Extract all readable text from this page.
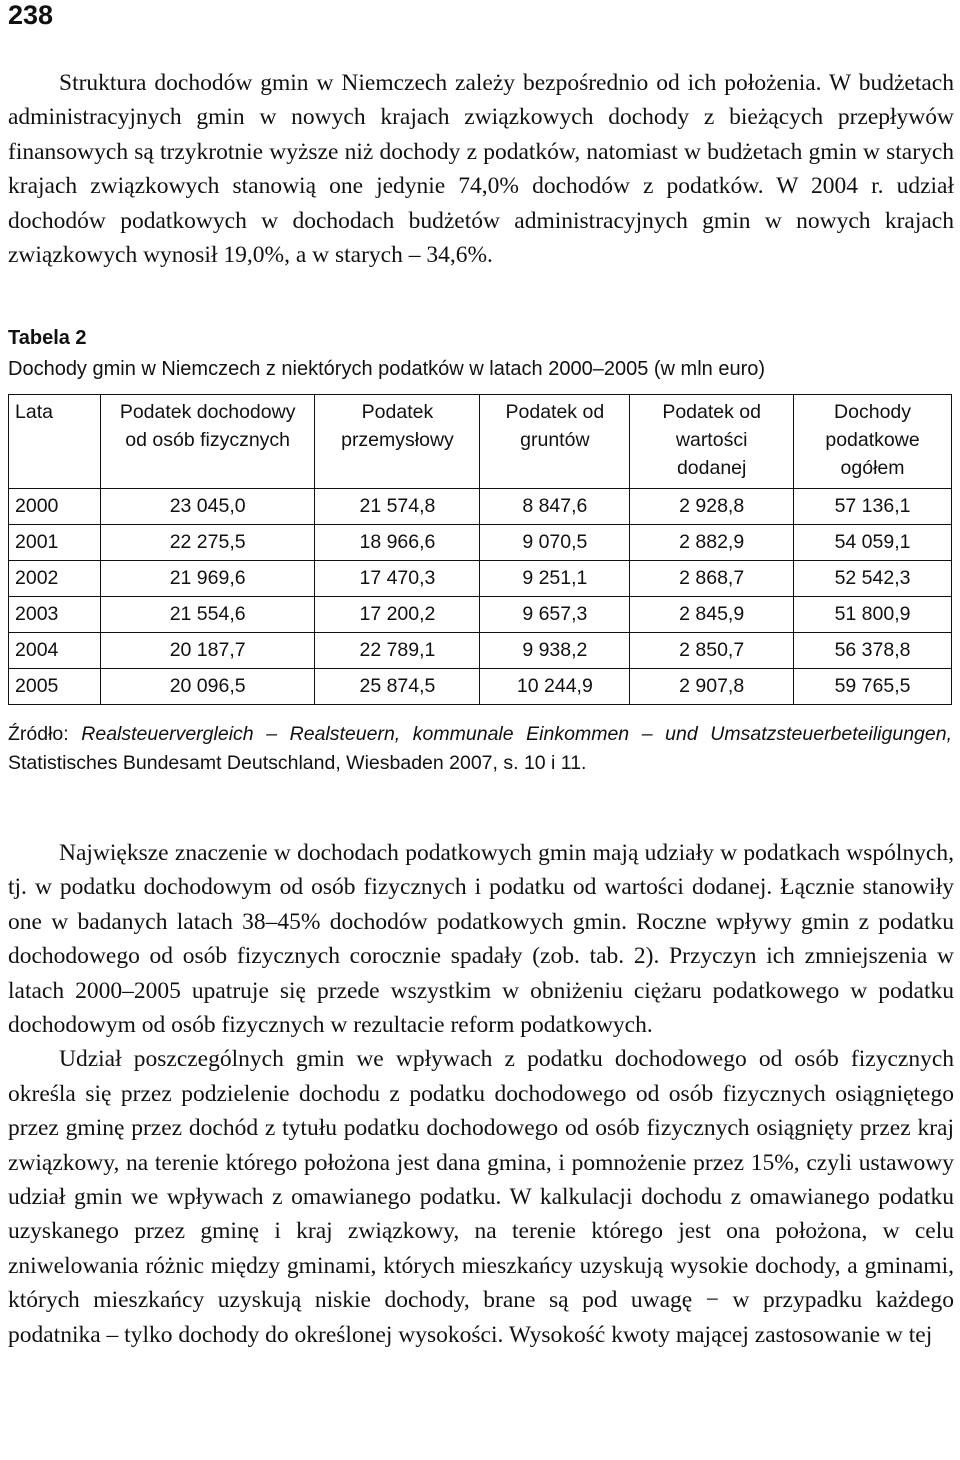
238

Struktura dochodów gmin w Niemczech zależy bezpośrednio od ich położenia. W budżetach administracyjnych gmin w nowych krajach związkowych dochody z bieżących przepływów finansowych są trzykrotnie wyższe niż dochody z podatków, natomiast w budżetach gmin w starych krajach związkowych stanowią one jedynie 74,0% dochodów z podatków. W 2004 r. udział dochodów podatkowych w dochodach budżetów administracyjnych gmin w nowych krajach związkowych wynosił 19,0%, a w starych – 34,6%.

Tabela 2
Dochody gmin w Niemczech z niektórych podatków w latach 2000–2005 (w mln euro)
Lata	Podatek dochodowy od osób fizycznych	Podatek przemysłowy	Podatek od gruntów	Podatek od wartości dodanej	Dochody podatkowe ogółem
2000	23 045,0	21 574,8	8 847,6	2 928,8	57 136,1
2001	22 275,5	18 966,6	9 070,5	2 882,9	54 059,1
2002	21 969,6	17 470,3	9 251,1	2 868,7	52 542,3
2003	21 554,6	17 200,2	9 657,3	2 845,9	51 800,9
2004	20 187,7	22 789,1	9 938,2	2 850,7	56 378,8
2005	20 096,5	25 874,5	10 244,9	2 907,8	59 765,5
Źródło: Realsteuervergleich – Realsteuern, kommunale Einkommen – und Umsatzsteuerbeteiligungen, Statistisches Bundesamt Deutschland, Wiesbaden 2007, s. 10 i 11.

Największe znaczenie w dochodach podatkowych gmin mają udziały w podatkach wspólnych, tj. w podatku dochodowym od osób fizycznych i podatku od wartości dodanej. Łącznie stanowiły one w badanych latach 38–45% dochodów podatkowych gmin. Roczne wpływy gmin z podatku dochodowego od osób fizycznych corocznie spadały (zob. tab. 2). Przyczyn ich zmniejszenia w latach 2000–2005 upatruje się przede wszystkim w obniżeniu ciężaru podatkowego w podatku dochodowym od osób fizycznych w rezultacie reform podatkowych.

Udział poszczególnych gmin we wpływach z podatku dochodowego od osób fizycznych określa się przez podzielenie dochodu z podatku dochodowego od osób fizycznych osiągniętego przez gminę przez dochód z tytułu podatku dochodowego od osób fizycznych osiągnięty przez kraj związkowy, na terenie którego położona jest dana gmina, i pomnożenie przez 15%, czyli ustawowy udział gmin we wpływach z omawianego podatku. W kalkulacji dochodu z omawianego podatku uzyskanego przez gminę i kraj związkowy, na terenie którego jest ona położona, w celu zniwelowania różnic między gminami, których mieszkańcy uzyskują wysokie dochody, a gminami, których mieszkańcy uzyskują niskie dochody, brane są pod uwagę − w przypadku każdego podatnika – tylko dochody do określonej wysokości. Wysokość kwoty mającej zastosowanie w tej
